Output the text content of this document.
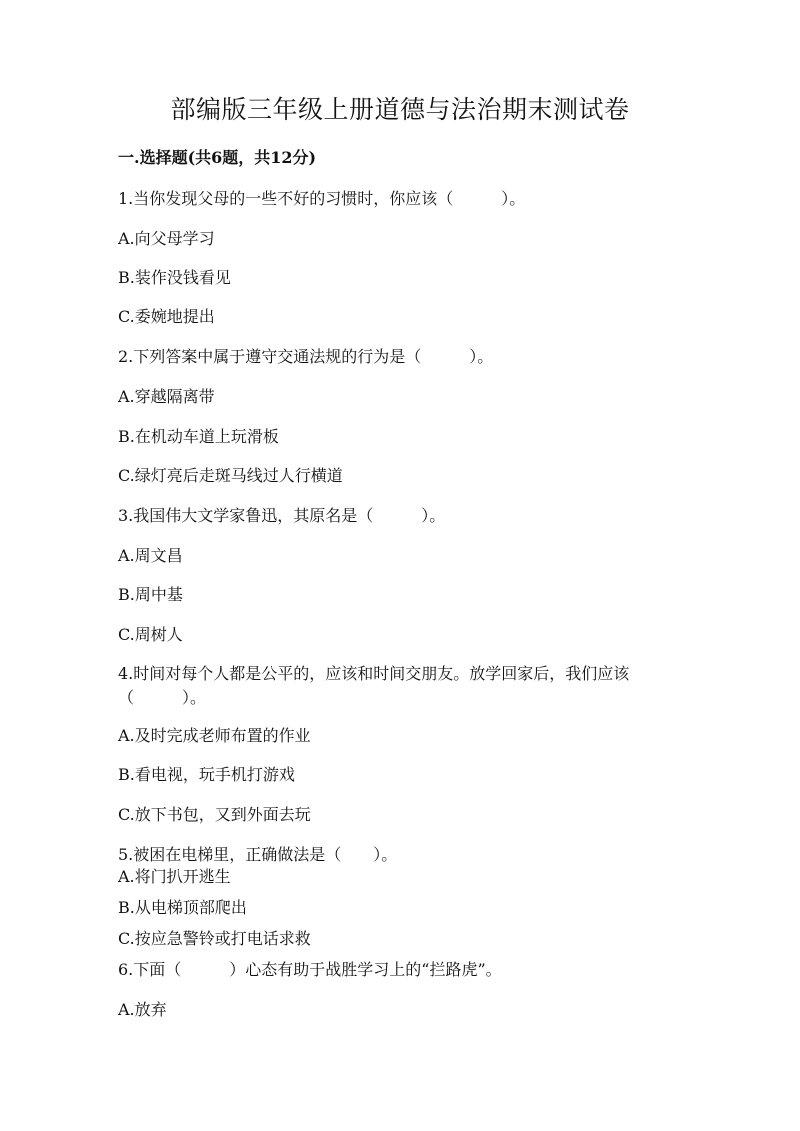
部编版三年级上册道德与法治期末测试卷
一.选择题(共6题，共12分)
1.当你发现父母的一些不好的习惯时，你应该（　　　）。
A.向父母学习
B.装作没钱看见
C.委婉地提出
2.下列答案中属于遵守交通法规的行为是（　　　）。
A.穿越隔离带
B.在机动车道上玩滑板
C.绿灯亮后走斑马线过人行横道
3.我国伟大文学家鲁迅，其原名是（　　　）。
A.周文昌
B.周中基
C.周树人
4.时间对每个人都是公平的，应该和时间交朋友。放学回家后，我们应该（　　　）。
A.及时完成老师布置的作业
B.看电视，玩手机打游戏
C.放下书包，又到外面去玩
5.被困在电梯里，正确做法是（　　）。
A.将门扒开逃生
B.从电梯顶部爬出
C.按应急警铃或打电话求救
6.下面（　　　）心态有助于战胜学习上的“拦路虎”。
A.放弃
